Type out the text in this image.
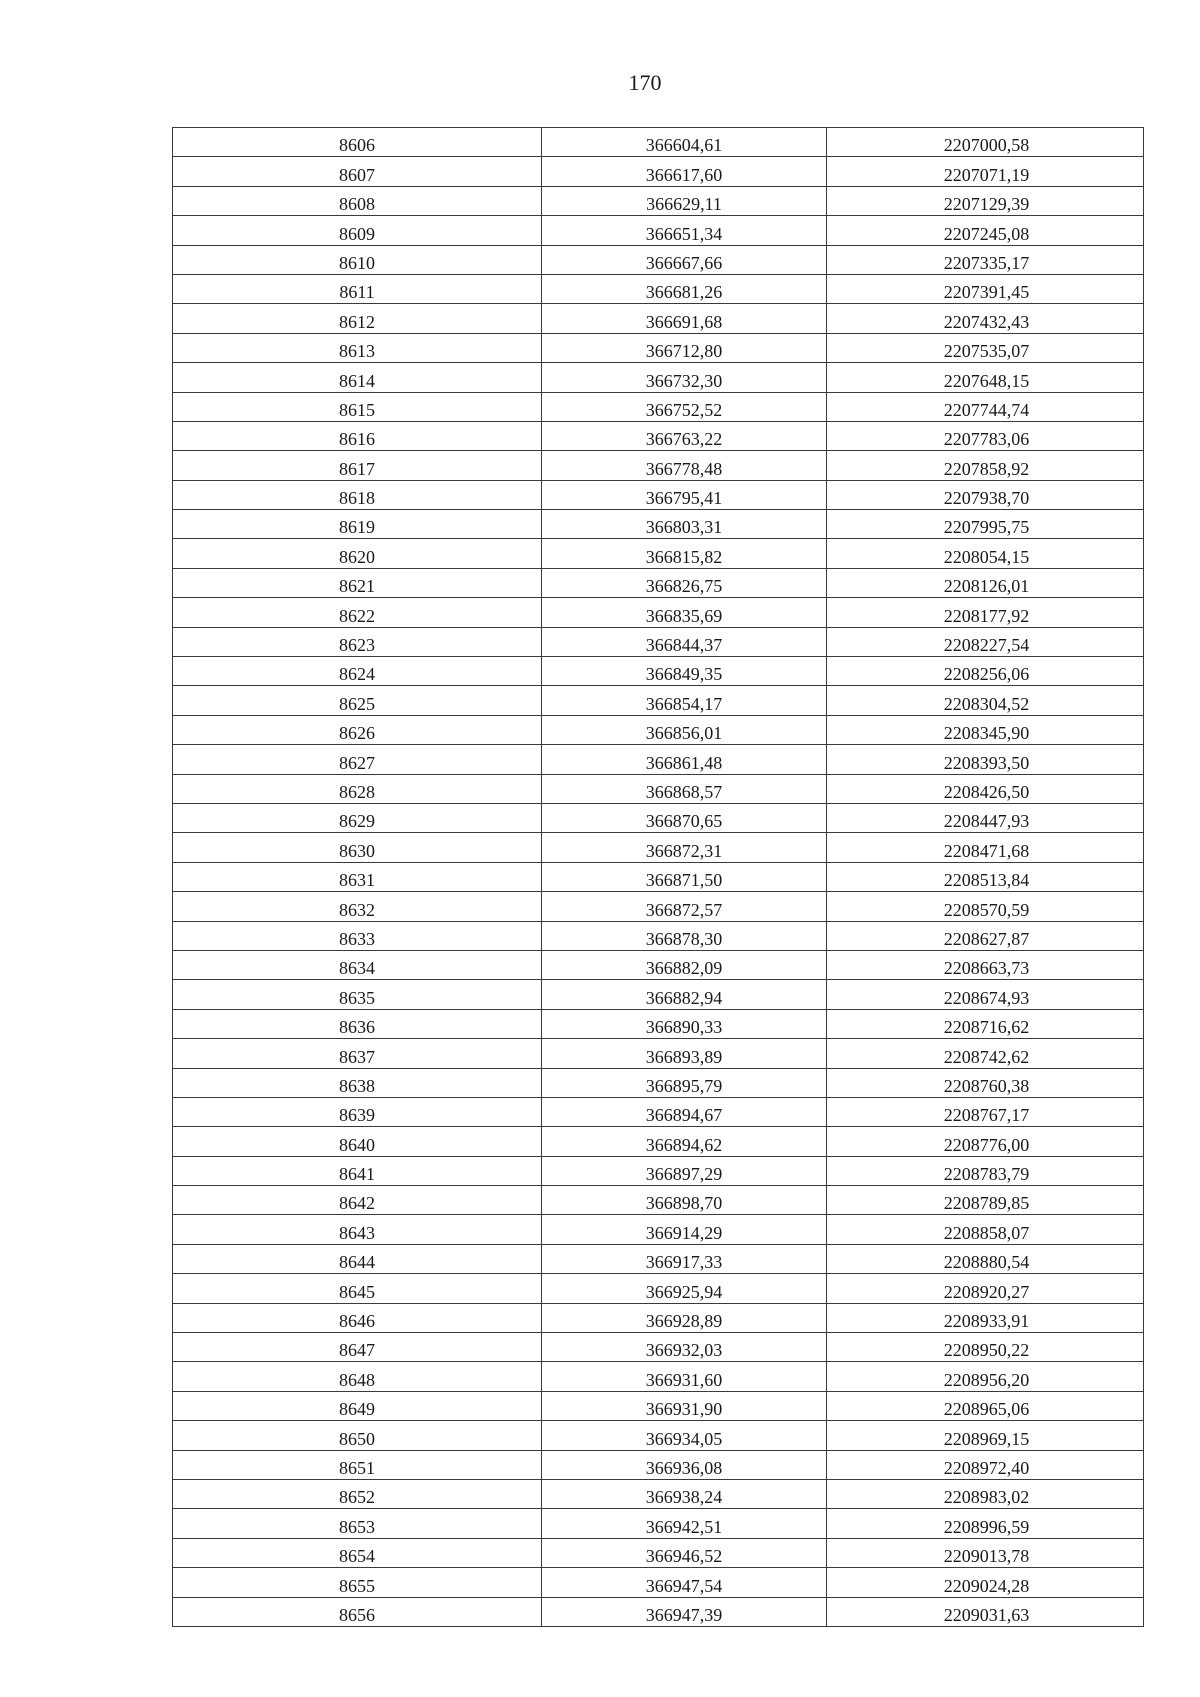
170
8606	366604,61	2207000,58
8607	366617,60	2207071,19
8608	366629,11	2207129,39
8609	366651,34	2207245,08
8610	366667,66	2207335,17
8611	366681,26	2207391,45
8612	366691,68	2207432,43
8613	366712,80	2207535,07
8614	366732,30	2207648,15
8615	366752,52	2207744,74
8616	366763,22	2207783,06
8617	366778,48	2207858,92
8618	366795,41	2207938,70
8619	366803,31	2207995,75
8620	366815,82	2208054,15
8621	366826,75	2208126,01
8622	366835,69	2208177,92
8623	366844,37	2208227,54
8624	366849,35	2208256,06
8625	366854,17	2208304,52
8626	366856,01	2208345,90
8627	366861,48	2208393,50
8628	366868,57	2208426,50
8629	366870,65	2208447,93
8630	366872,31	2208471,68
8631	366871,50	2208513,84
8632	366872,57	2208570,59
8633	366878,30	2208627,87
8634	366882,09	2208663,73
8635	366882,94	2208674,93
8636	366890,33	2208716,62
8637	366893,89	2208742,62
8638	366895,79	2208760,38
8639	366894,67	2208767,17
8640	366894,62	2208776,00
8641	366897,29	2208783,79
8642	366898,70	2208789,85
8643	366914,29	2208858,07
8644	366917,33	2208880,54
8645	366925,94	2208920,27
8646	366928,89	2208933,91
8647	366932,03	2208950,22
8648	366931,60	2208956,20
8649	366931,90	2208965,06
8650	366934,05	2208969,15
8651	366936,08	2208972,40
8652	366938,24	2208983,02
8653	366942,51	2208996,59
8654	366946,52	2209013,78
8655	366947,54	2209024,28
8656	366947,39	2209031,63
